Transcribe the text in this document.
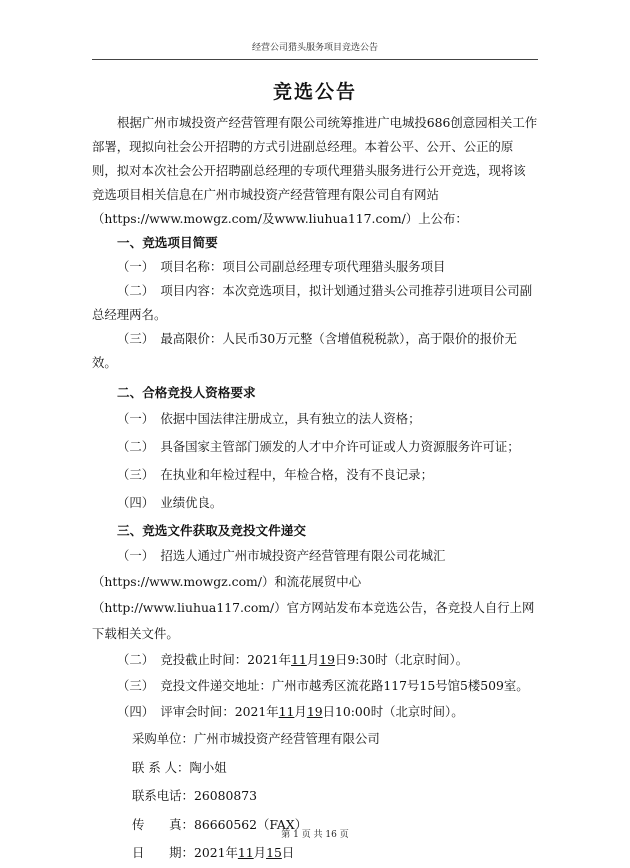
经营公司猎头服务项目竞选公告
竞选公告

根据广州市城投资产经营管理有限公司统筹推进广电城投686创意园相关工作部署，现拟向社会公开招聘的方式引进副总经理。本着公平、公开、公正的原则，拟对本次社会公开招聘副总经理的专项代理猎头服务进行公开竞选，现将该竞选项目相关信息在广州市城投资产经营管理有限公司自有网站（https://www.mowgz.com/及www.liuhua117.com/）上公布：

一、竞选项目简要

（一）　项目名称：项目公司副总经理专项代理猎头服务项目

（二）　项目内容：本次竞选项目，拟计划通过猎头公司推荐引进项目公司副总经理两名。

（三）　最高限价：人民币30万元整（含增值税税款），高于限价的报价无效。

二、合格竞投人资格要求

（一）　依据中国法律注册成立，具有独立的法人资格；

（二）　具备国家主管部门颁发的人才中介许可证或人力资源服务许可证；

（三）　在执业和年检过程中，年检合格，没有不良记录；

（四）　业绩优良。

三、竞选文件获取及竞投文件递交

（一）　招选人通过广州市城投资产经营管理有限公司花城汇（https://www.mowgz.com/）和流花展贸中心（http://www.liuhua117.com/）官方网站发布本竞选公告，各竞投人自行上网下载相关文件。

（二）　竞投截止时间：2021年11月19日9:30时（北京时间）。

（三）　竞投文件递交地址：广州市越秀区流花路117号15号馆5楼509室。

（四）　评审会时间：2021年11月19日10:00时（北京时间）。

采购单位：广州市城投资产经营管理有限公司

联 系 人：陶小姐

联系电话：26080873

传　　真：86660562（FAX）

日　　期：2021年11月15日

第 1 页 共 16 页
